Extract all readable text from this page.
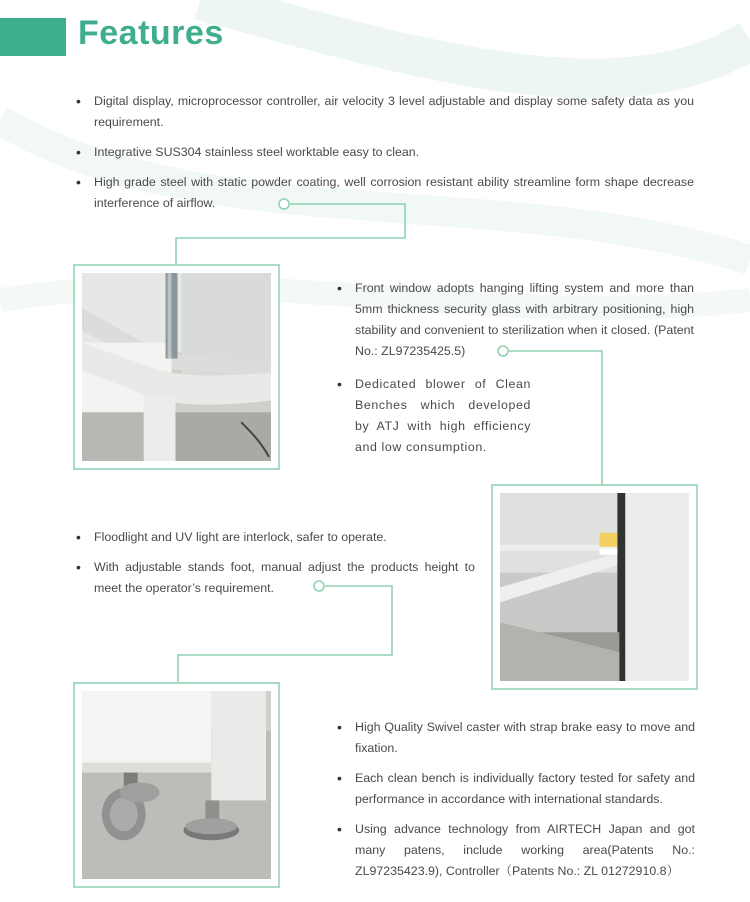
Features
• Digital display, microprocessor controller, air velocity 3 level adjustable and display some safety data as you requirement.
• Integrative SUS304 stainless steel worktable easy to clean.
• High grade steel with static powder coating, well corrosion resistant ability streamline form shape decrease interference of airflow.
• Front window adopts hanging lifting system and more than 5mm thickness security glass with arbitrary positioning, high stability and convenient to sterilization when it closed. (Patent No.: ZL97235425.5)
• Dedicated blower of Clean Benches which developed by ATJ with high efficiency and low consumption.
• Floodlight and UV light are interlock, safer to operate.
• With adjustable stands foot, manual adjust the products height to meet the operator’s requirement.
• High Quality Swivel caster with strap brake easy to move and fixation.
• Each clean bench is individually factory tested for safety and performance in accordance with international standards.
• Using advance technology from AIRTECH Japan and got many patens, include working area(Patents No.: ZL97235423.9), Controller（Patents No.: ZL 01272910.8）
